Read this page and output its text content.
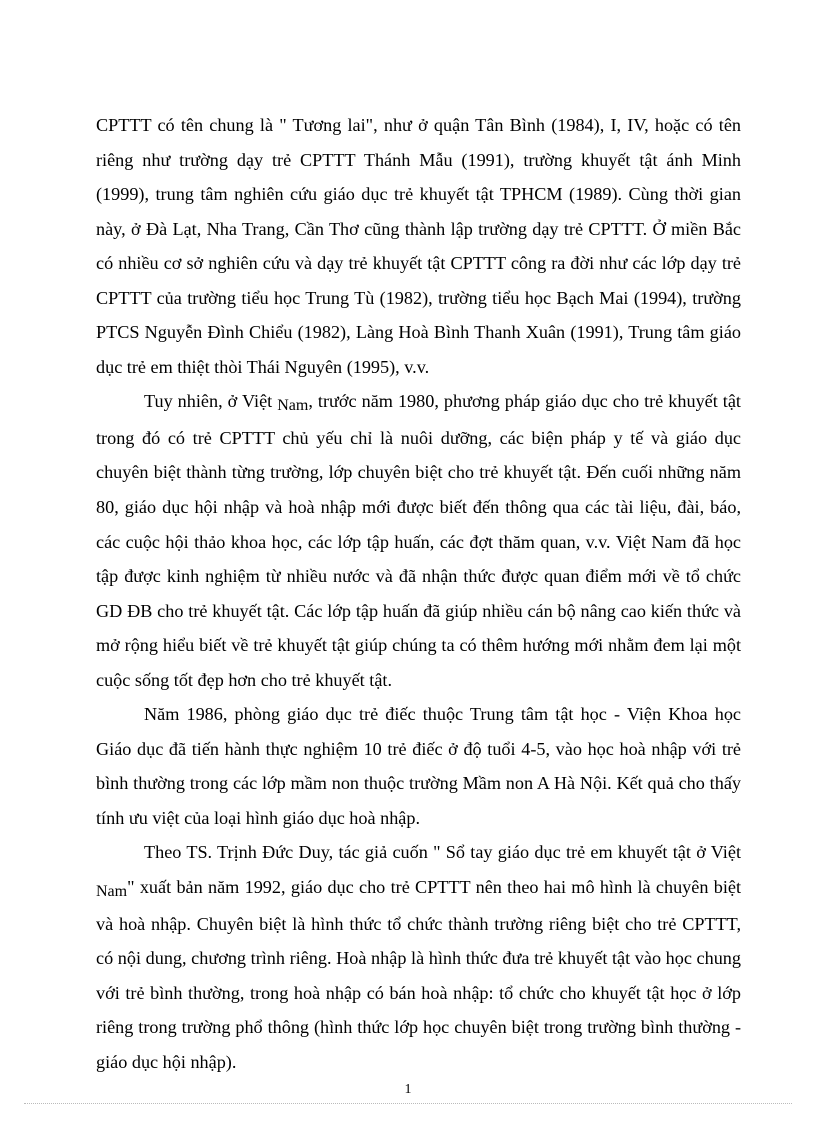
CPTTT có tên chung là " Tương lai", như ở quận Tân Bình (1984), I, IV, hoặc có tên riêng như trường dạy trẻ CPTTT Thánh Mẫu (1991), trường khuyết tật ánh Minh (1999), trung tâm nghiên cứu giáo dục trẻ khuyết tật TPHCM (1989). Cùng thời gian này, ở Đà Lạt, Nha Trang, Cần Thơ cũng thành lập trường dạy trẻ CPTTT. Ở miền Bắc có nhiều cơ sở nghiên cứu và dạy trẻ khuyết tật CPTTT công ra đời như các lớp dạy trẻ CPTTT của trường tiểu học Trung Tù (1982), trường tiểu học Bạch Mai (1994), trường PTCS Nguyễn Đình Chiểu (1982), Làng Hoà Bình Thanh Xuân (1991), Trung tâm giáo dục trẻ em thiệt thòi Thái Nguyên (1995), v.v.

Tuy nhiên, ở Việt Nam, trước năm 1980, phương pháp giáo dục cho trẻ khuyết tật trong đó có trẻ CPTTT chủ yếu chỉ là nuôi dưỡng, các biện pháp y tế và giáo dục chuyên biệt thành từng trường, lớp chuyên biệt cho trẻ khuyết tật. Đến cuối những năm 80, giáo dục hội nhập và hoà nhập mới được biết đến thông qua các tài liệu, đài, báo, các cuộc hội thảo khoa học, các lớp tập huấn, các đợt thăm quan, v.v. Việt Nam đã học tập được kinh nghiệm từ nhiều nước và đã nhận thức được quan điểm mới về tổ chức GD ĐB cho trẻ khuyết tật. Các lớp tập huấn đã giúp nhiều cán bộ nâng cao kiến thức và mở rộng hiểu biết về trẻ khuyết tật giúp chúng ta có thêm hướng mới nhằm đem lại một cuộc sống tốt đẹp hơn cho trẻ khuyết tật.

Năm 1986, phòng giáo dục trẻ điếc thuộc Trung tâm tật học - Viện Khoa học Giáo dục đã tiến hành thực nghiệm 10 trẻ điếc ở độ tuổi 4-5, vào học hoà nhập với trẻ bình thường trong các lớp mầm non thuộc trường Mầm non A Hà Nội. Kết quả cho thấy tính ưu việt của loại hình giáo dục hoà nhập.

Theo TS. Trịnh Đức Duy, tác giả cuốn " Sổ tay giáo dục trẻ em khuyết tật ở Việt Nam" xuất bản năm 1992, giáo dục cho trẻ CPTTT nên theo hai mô hình là chuyên biệt và hoà nhập. Chuyên biệt là hình thức tổ chức thành trường riêng biệt cho trẻ CPTTT, có nội dung, chương trình riêng. Hoà nhập là hình thức đưa trẻ khuyết tật vào học chung với trẻ bình thường, trong hoà nhập có bán hoà nhập: tổ chức cho khuyết tật học ở lớp riêng trong trường phổ thông (hình thức lớp học chuyên biệt trong trường bình thường - giáo dục hội nhập).

1
